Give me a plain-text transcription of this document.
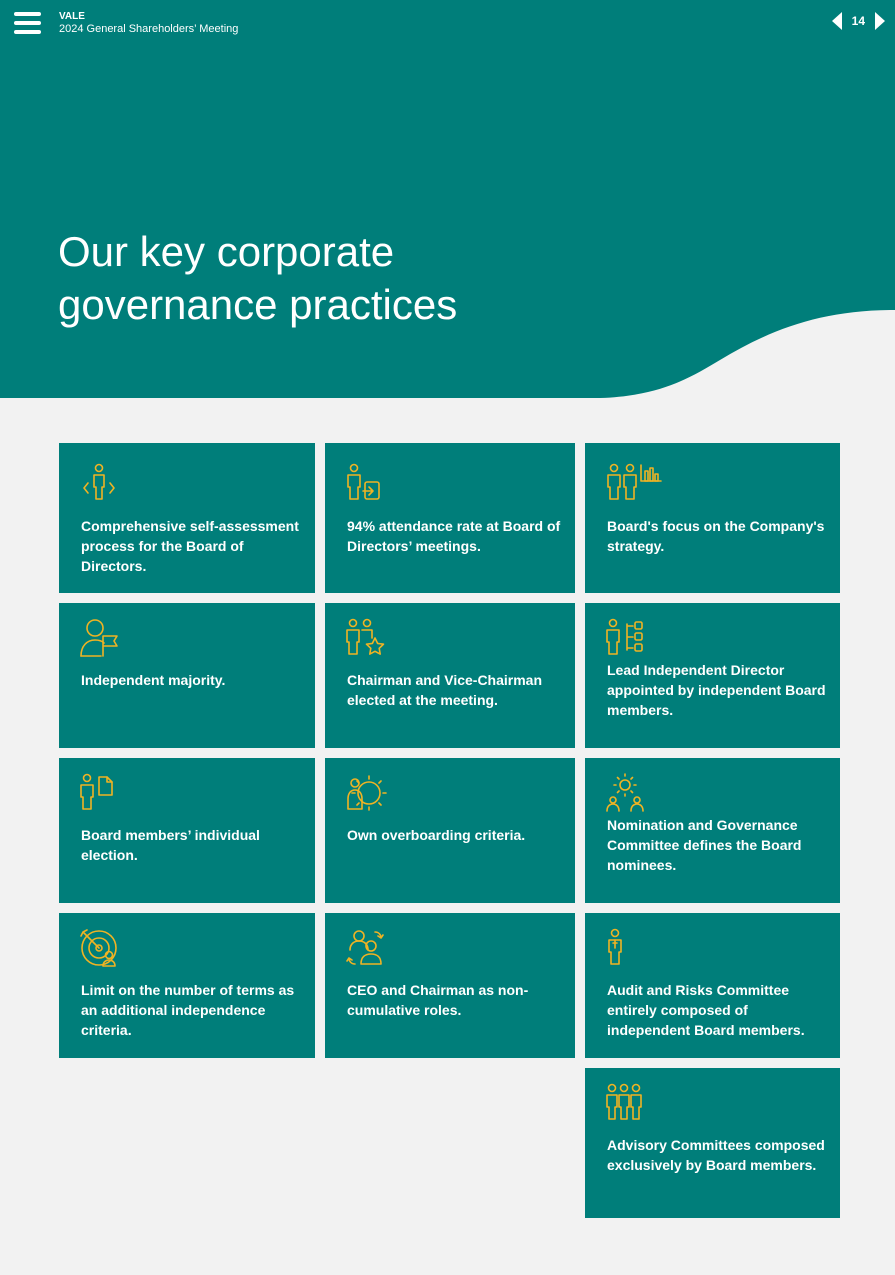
VALE
2024 General Shareholders’ Meeting
14
Our key corporate
governance practices
Comprehensive self-assessment process for the Board of Directors.
94% attendance rate at Board of Directors’ meetings.
Board's focus on the Company's strategy.
Independent majority.	Chairman and Vice-Chairman elected at the meeting.
Lead Independent Director appointed by independent Board members.
Board members’ individual election.
Own overboarding criteria.
Nomination and Governance Committee defines the Board nominees.
Limit on the number of terms as an additional independence criteria.
CEO and Chairman as non-cumulative roles.
Audit and Risks Committee entirely composed of independent Board members.
Advisory Committees composed exclusively by Board members.
